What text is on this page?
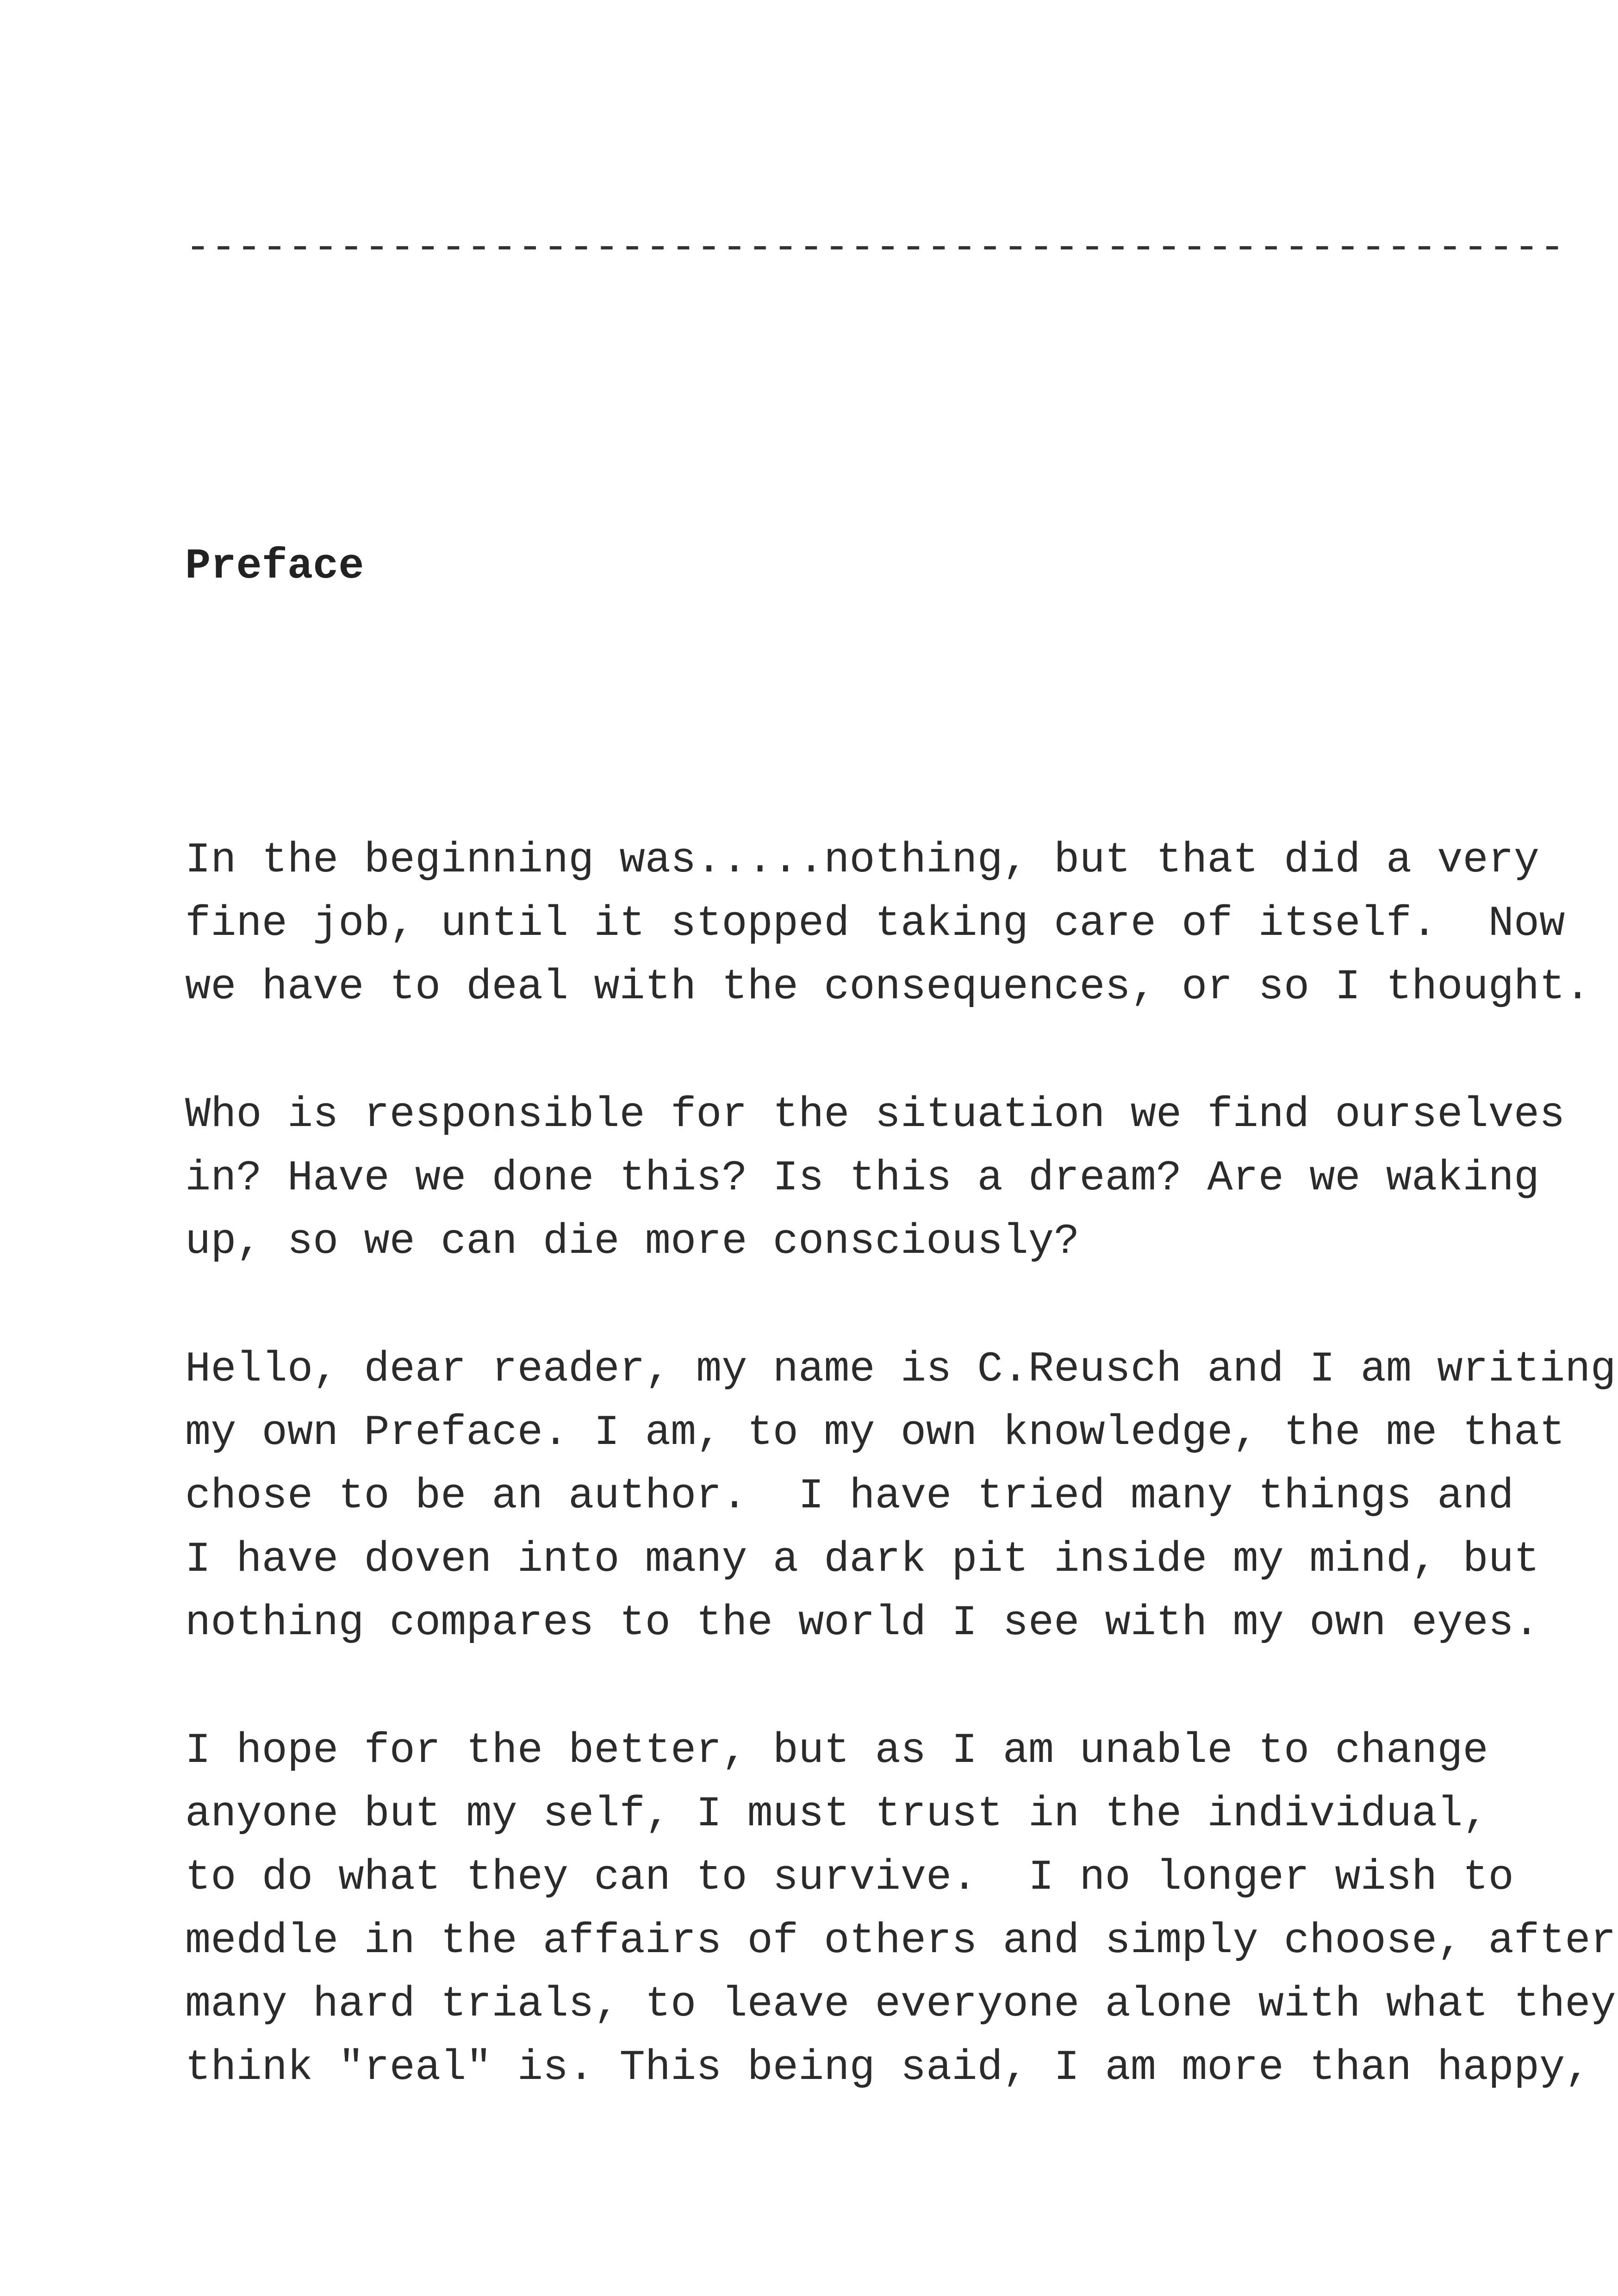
------------------------------------------------------
Preface
In the beginning was.....nothing, but that did a very
fine job, until it stopped taking care of itself.  Now
we have to deal with the consequences, or so I thought.
Who is responsible for the situation we find ourselves
in? Have we done this? Is this a dream? Are we waking
up, so we can die more consciously?
Hello, dear reader, my name is C.Reusch and I am writing
my own Preface. I am, to my own knowledge, the me that
chose to be an author.  I have tried many things and
I have doven into many a dark pit inside my mind, but
nothing compares to the world I see with my own eyes.
I hope for the better, but as I am unable to change
anyone but my self, I must trust in the individual,
to do what they can to survive.  I no longer wish to
meddle in the affairs of others and simply choose, after
many hard trials, to leave everyone alone with what they
think "real" is. This being said, I am more than happy,
